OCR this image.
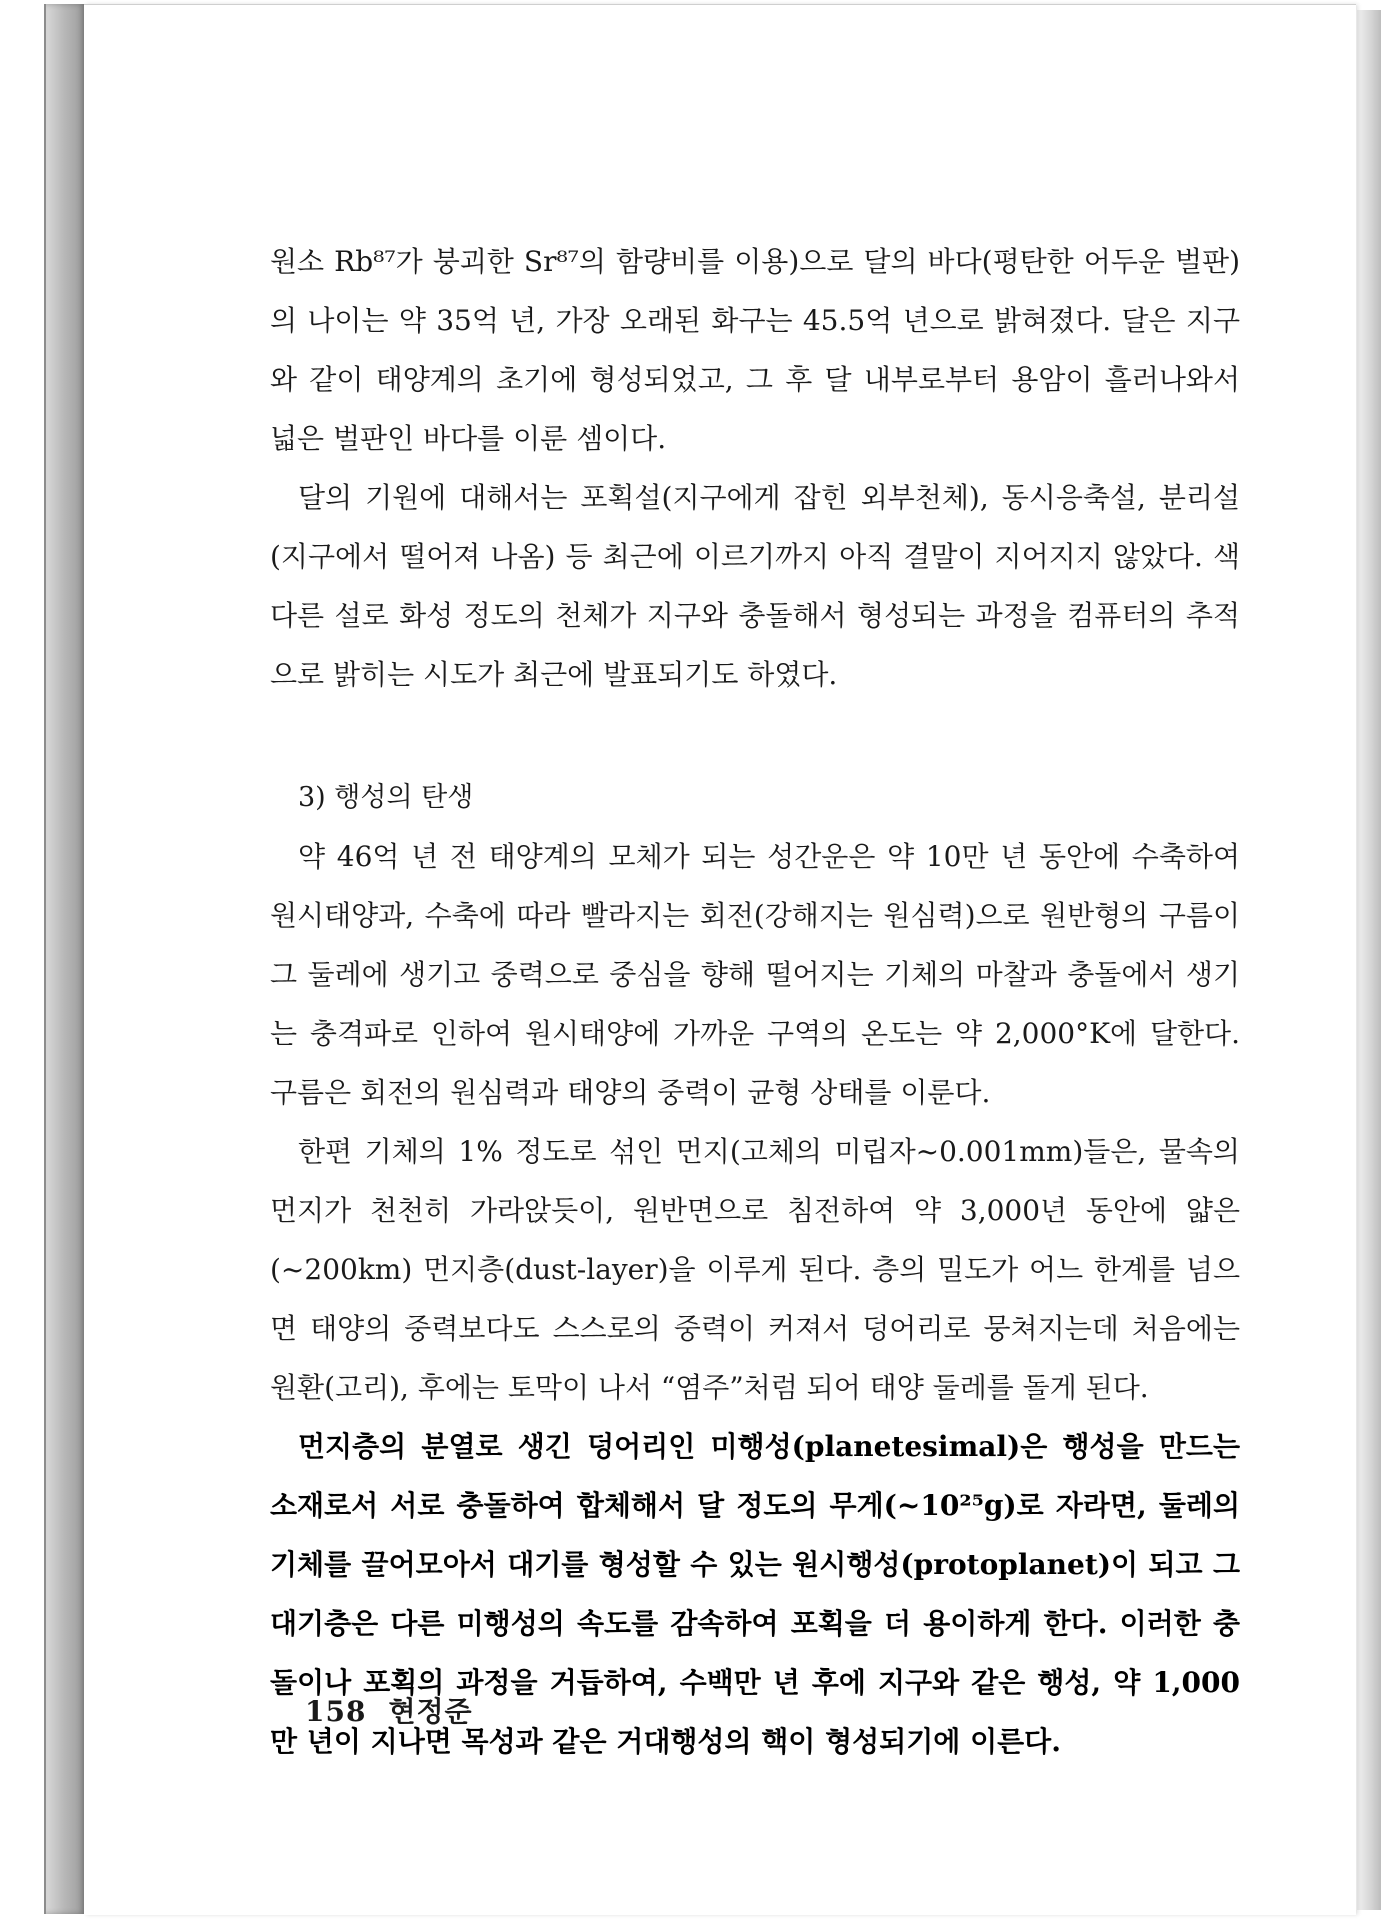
원소 Rb⁸⁷가 붕괴한 Sr⁸⁷의 함량비를 이용)으로 달의 바다(평탄한 어두운 벌판)의 나이는 약 35억 년, 가장 오래된 화구는 45.5억 년으로 밝혀졌다. 달은 지구와 같이 태양계의 초기에 형성되었고, 그 후 달 내부로부터 용암이 흘러나와서 넓은 벌판인 바다를 이룬 셈이다.

달의 기원에 대해서는 포획설(지구에게 잡힌 외부천체), 동시응축설, 분리설(지구에서 떨어져 나옴) 등 최근에 이르기까지 아직 결말이 지어지지 않았다. 색다른 설로 화성 정도의 천체가 지구와 충돌해서 형성되는 과정을 컴퓨터의 추적으로 밝히는 시도가 최근에 발표되기도 하였다.

3) 행성의 탄생

약 46억 년 전 태양계의 모체가 되는 성간운은 약 10만 년 동안에 수축하여 원시태양과, 수축에 따라 빨라지는 회전(강해지는 원심력)으로 원반형의 구름이 그 둘레에 생기고 중력으로 중심을 향해 떨어지는 기체의 마찰과 충돌에서 생기는 충격파로 인하여 원시태양에 가까운 구역의 온도는 약 2,000°K에 달한다. 구름은 회전의 원심력과 태양의 중력이 균형 상태를 이룬다.

한편 기체의 1% 정도로 섞인 먼지(고체의 미립자~0.001mm)들은, 물속의 먼지가 천천히 가라앉듯이, 원반면으로 침전하여 약 3,000년 동안에 얇은(~200km) 먼지층(dust-layer)을 이루게 된다. 층의 밀도가 어느 한계를 넘으면 태양의 중력보다도 스스로의 중력이 커져서 덩어리로 뭉쳐지는데 처음에는 원환(고리), 후에는 토막이 나서 “염주”처럼 되어 태양 둘레를 돌게 된다.

먼지층의 분열로 생긴 덩어리인 미행성(planetesimal)은 행성을 만드는 소재로서 서로 충돌하여 합체해서 달 정도의 무게(~10²⁵g)로 자라면, 둘레의 기체를 끌어모아서 대기를 형성할 수 있는 원시행성(protoplanet)이 되고 그 대기층은 다른 미행성의 속도를 감속하여 포획을 더 용이하게 한다. 이러한 충돌이나 포획의 과정을 거듭하여, 수백만 년 후에 지구와 같은 행성, 약 1,000만 년이 지나면 목성과 같은 거대행성의 핵이 형성되기에 이른다.

158 현정준
